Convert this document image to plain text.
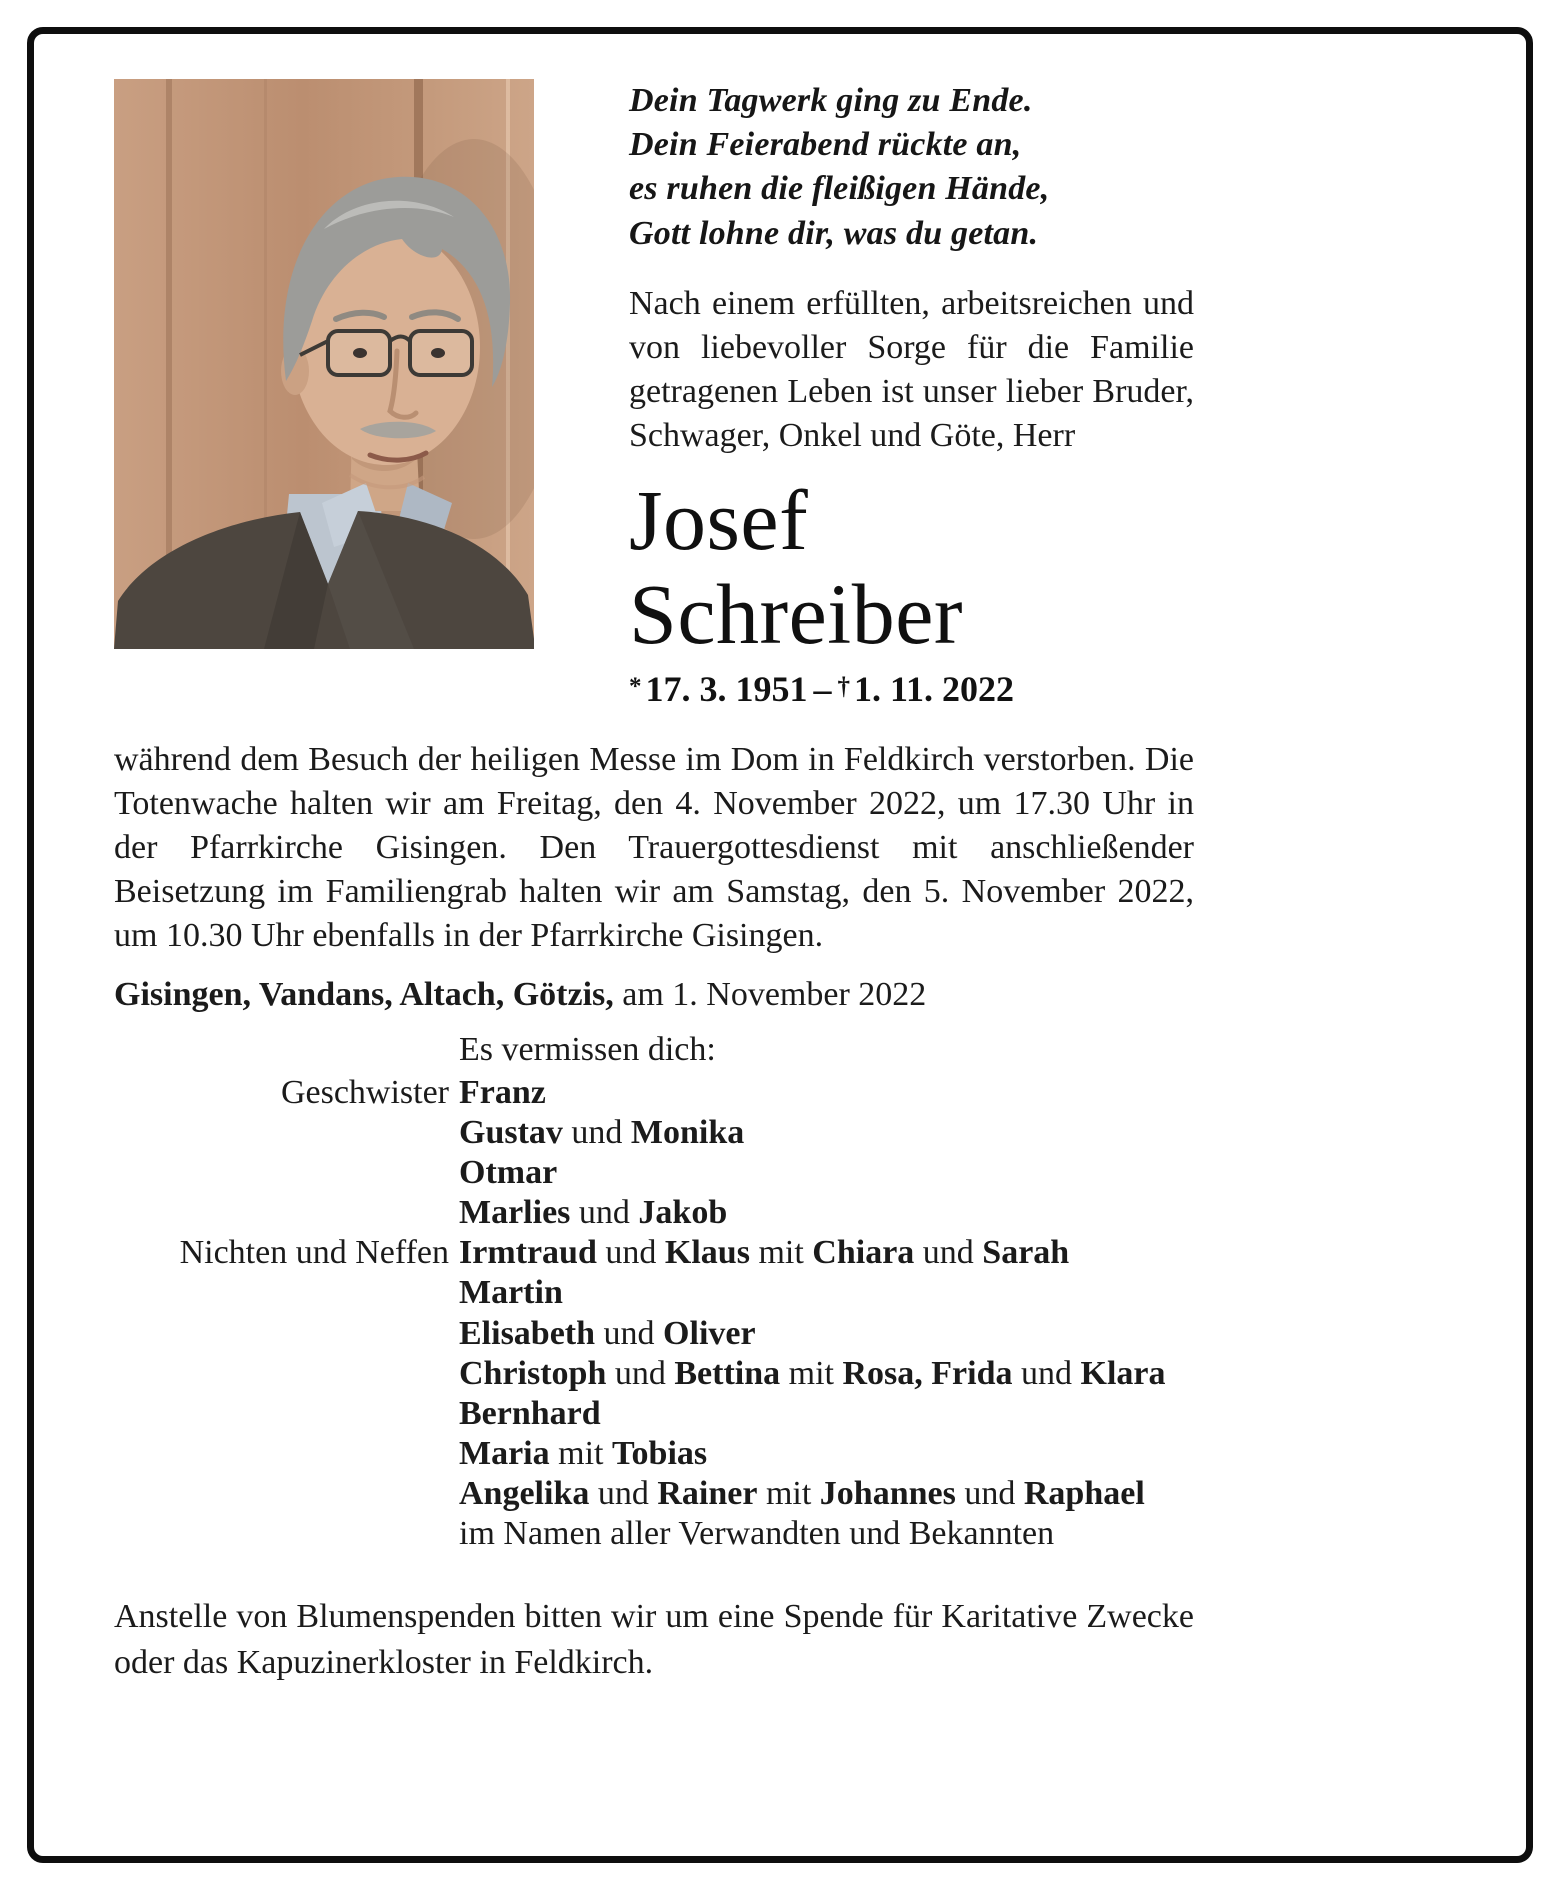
Dein Tagwerk ging zu Ende.
Dein Feierabend rückte an,
es ruhen die fleißigen Hände,
Gott lohne dir, was du getan.

Nach einem erfüllten, arbeitsreichen und von liebevoller Sorge für die Familie getragenen Leben ist unser lieber Bruder, Schwager, Onkel und Göte, Herr

Josef
Schreiber
* 17. 3. 1951 – † 1. 11. 2022

während dem Besuch der heiligen Messe im Dom in Feldkirch verstorben. Die Totenwache halten wir am Freitag, den 4. November 2022, um 17.30 Uhr in der Pfarrkirche Gisingen. Den Trauergottesdienst mit anschließender Beisetzung im Familiengrab halten wir am Samstag, den 5. November 2022, um 10.30 Uhr ebenfalls in der Pfarrkirche Gisingen.

Gisingen, Vandans, Altach, Götzis, am 1. November 2022

Es vermissen dich:
Geschwister Franz
Gustav und Monika
Otmar
Marlies und Jakob
Nichten und Neffen Irmtraud und Klaus mit Chiara und Sarah
Martin
Elisabeth und Oliver
Christoph und Bettina mit Rosa, Frida und Klara
Bernhard
Maria mit Tobias
Angelika und Rainer mit Johannes und Raphael
im Namen aller Verwandten und Bekannten

Anstelle von Blumenspenden bitten wir um eine Spende für Karitative Zwecke oder das Kapuzinerkloster in Feldkirch.
